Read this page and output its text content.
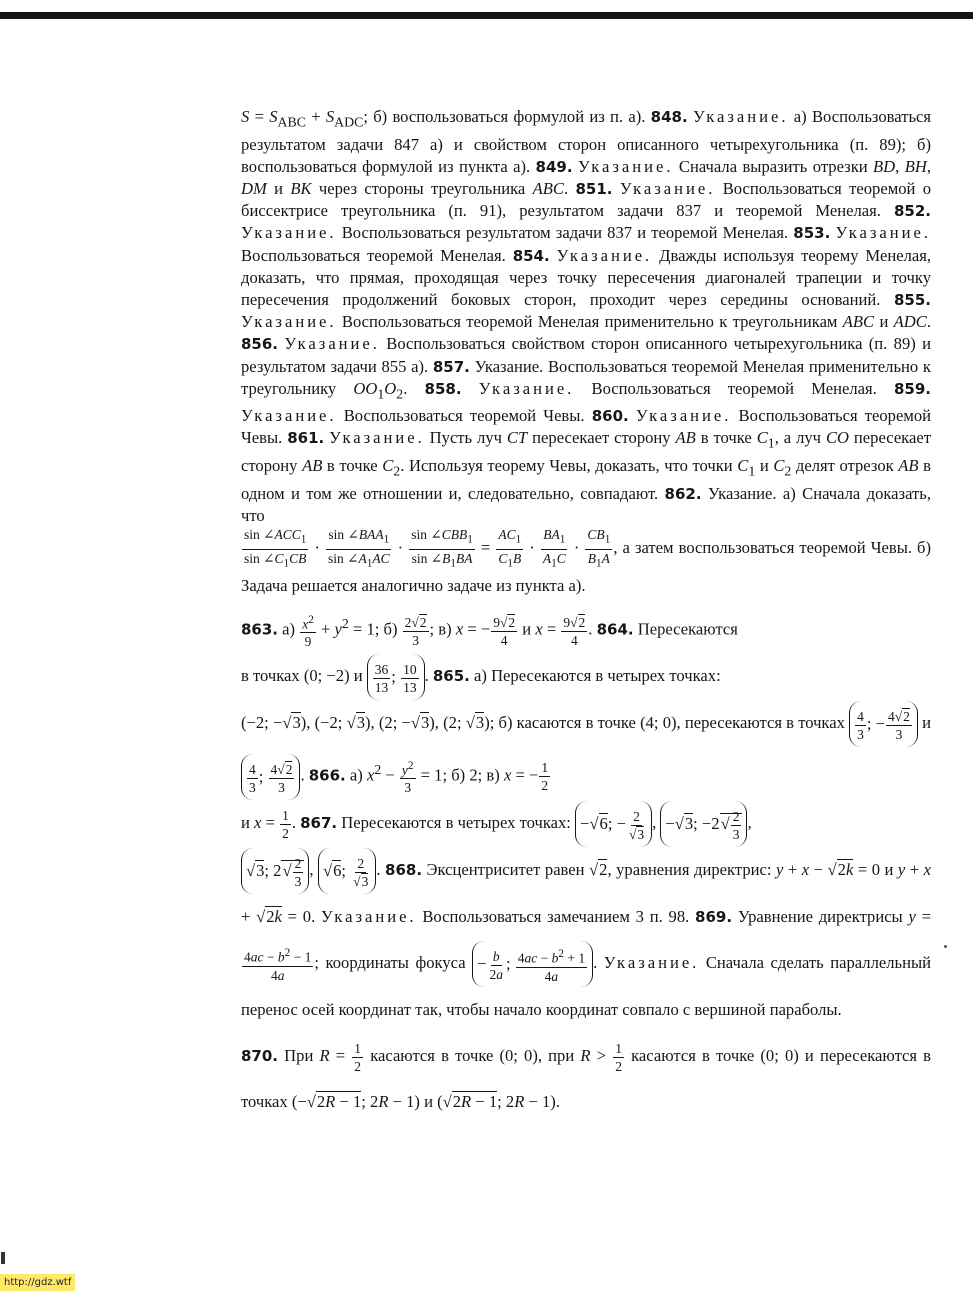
$S = S_{ABC} + S_{ADC}$; б) воспользоваться формулой из п. а). 848. Указание. а) Воспользоваться результатом задачи 847 а) и свойством сторон описанного четырехугольника (п. 89); б) воспользоваться формулой из пункта а). 849. Указание. Сначала выразить отрезки BD, BH, DM и BK через стороны треугольника ABC. 851. Указание. Воспользоваться теоремой о биссектрисе треугольника (п. 91), результатом задачи 837 и теоремой Менелая. 852. Указание. Воспользоваться результатом задачи 837 и теоремой Менелая. 853. Указание. Воспользоваться теоремой Менелая. 854. Указание. Дважды используя теорему Менелая, доказать, что прямая, проходящая через точку пересечения диагоналей трапеции и точку пересечения продолжений боковых сторон, проходит через середины оснований. 855. Указание. Воспользоваться теоремой Менелая применительно к треугольникам ABC и ADC. 856. Указание. Воспользоваться свойством сторон описанного четырехугольника (п. 89) и результатом задачи 855 а). 857. Указание. Воспользоваться теоремой Менелая применительно к треугольнику $OO_1O_2$. 858. Указание. Воспользоваться теоремой Менелая. 859. Указание. Воспользоваться теоремой Чевы. 860. Указание. Воспользоваться теоремой Чевы. 861. Указание. Пусть луч CT пересекает сторону AB в точке $C_1$, а луч CO пересекает сторону AB в точке $C_2$. Используя теорему Чевы, доказать, что точки $C_1$ и $C_2$ делят отрезок AB в одном и том же отношении и, следовательно, совпадают. 862. Указание. а) Сначала доказать, что

$\frac{\sin \angle ACC_1}{\sin \angle C_1CB} \cdot \frac{\sin \angle BAA_1}{\sin \angle A_1AC} \cdot \frac{\sin \angle CBB_1}{\sin \angle B_1BA} = \frac{AC_1}{C_1B} \cdot \frac{BA_1}{A_1C} \cdot \frac{CB_1}{B_1A}$ , а затем воспользоваться теоремой Чевы. б) Задача решается аналогично задаче из пункта а).

863. $а) \frac{x^2}{9} + y^2 = 1$; $б) \frac{2√2}{3}$ ; в) x = − $\frac{9√2}{4}$ и $x = \frac{9√2}{4}$ . 864. Пересекаются

в точках (0; −2) и $\frac{36}{13}$ ; $\frac{10}{13}$ . 865. а) Пересекаются в четырех точках:

(−2; −√3), (−2; √3), (2; −√3), (2; √3); б) касаются в точке (4; 0), пересекаются в точках $\frac{4}{3}$ ; − $\frac{4√2}{3}$ и
$\frac{4}{3}$ ; $\frac{4√2}{3}$ . 866. а) $x^2 - \frac{y^2}{3} = 1$; б) 2; в) x = − $\frac{1}{2}$

и $x = \frac{1}{2}$ . 867. Пересекаются в четырех точках: −√6; − $\frac{2}{√3}$ , −√3; $-2√ \frac{2}{3}$ ,

√3; $2√ \frac{2}{3}$ , √6; $\frac{2}{√3}$ . 868. Эксцентриситет равен √2, уравнения директрис: y + x − √2k = 0 и y + x + √2k = 0. Указание. Воспользоваться замечанием 3 п. 98. 869. Уравнение директрисы y =
$\frac{4ac - b^2 - 1}{4a}$ ; координаты фокуса − $\frac{b}{2a}$ ; $\frac{4ac - b^2 + 1}{4a}$ . Указание. Сначала сделать параллельный перенос осей координат так, чтобы начало координат совпало с вершиной параболы.

870. При $R = \frac{1}{2}$ касаются в точке (0; 0), при $R > \frac{1}{2}$ касаются в точке (0; 0) и пересекаются в точках (−√2R − 1; 2R − 1) и (√2R − 1; 2R − 1).

http://gdz.wtf
